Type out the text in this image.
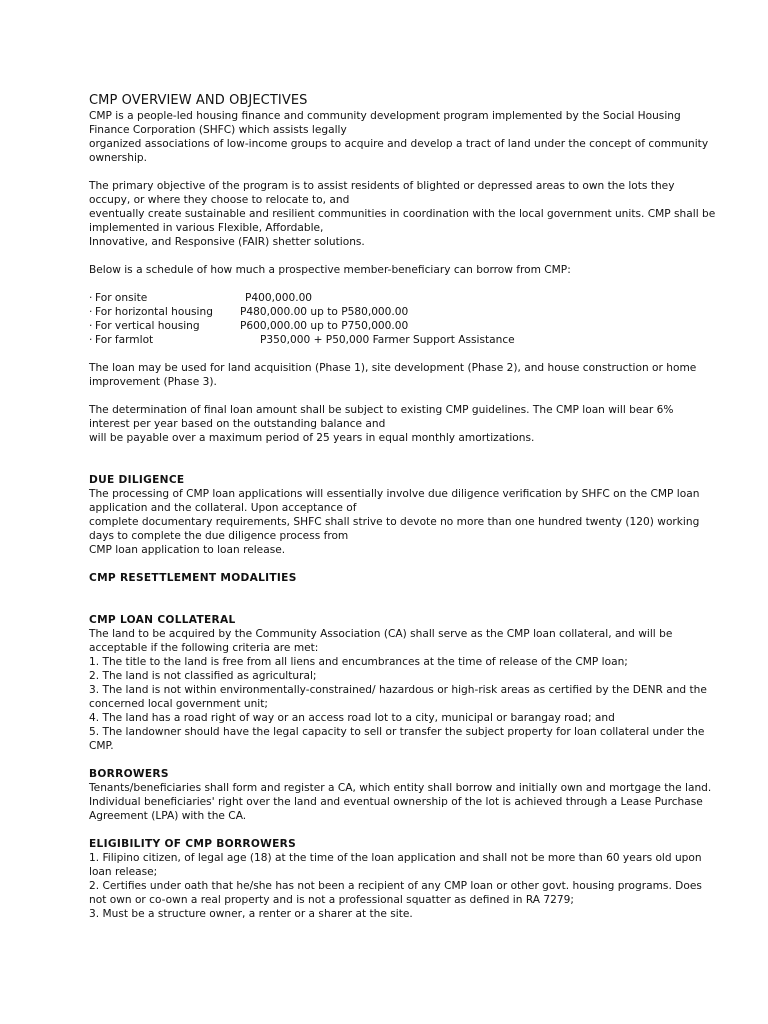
CMP OVERVIEW AND OBJECTIVES
CMP is a people-led housing finance and community development program implemented by the Social Housing
Finance Corporation (SHFC) which assists legally
organized associations of low-income groups to acquire and develop a tract of land under the concept of community
ownership.
The primary objective of the program is to assist residents of blighted or depressed areas to own the lots they
occupy, or where they choose to relocate to, and
eventually create sustainable and resilient communities in coordination with the local government units. CMP shall be
implemented in various Flexible, Affordable,
Innovative, and Responsive (FAIR) shetter solutions.
Below is a schedule of how much a prospective member-beneficiary can borrow from CMP:
· For onsite	P400,000.00
· For horizontal housing	P480,000.00 up to P580,000.00
· For vertical housing	P600,000.00 up to P750,000.00
· For farmlot	P350,000 + P50,000 Farmer Support Assistance
The loan may be used for land acquisition (Phase 1), site development (Phase 2), and house construction or home
improvement (Phase 3).
The determination of final loan amount shall be subject to existing CMP guidelines. The CMP loan will bear 6%
interest per year based on the outstanding balance and
will be payable over a maximum period of 25 years in equal monthly amortizations.
DUE DILIGENCE
The processing of CMP loan applications will essentially involve due diligence verification by SHFC on the CMP loan
application and the collateral. Upon acceptance of
complete documentary requirements, SHFC shall strive to devote no more than one hundred twenty (120) working
days to complete the due diligence process from
CMP loan application to loan release.
CMP RESETTLEMENT MODALITIES
CMP LOAN COLLATERAL
The land to be acquired by the Community Association (CA) shall serve as the CMP loan collateral, and will be
acceptable if the following criteria are met:
1. The title to the land is free from all liens and encumbrances at the time of release of the CMP loan;
2. The land is not classified as agricultural;
3. The land is not within environmentally-constrained/ hazardous or high-risk areas as certified by the DENR and the
concerned local government unit;
4. The land has a road right of way or an access road lot to a city, municipal or barangay road; and
5. The landowner should have the legal capacity to sell or transfer the subject property for loan collateral under the
CMP.
BORROWERS
Tenants/beneficiaries shall form and register a CA, which entity shall borrow and initially own and mortgage the land.
Individual beneficiaries' right over the land and eventual ownership of the lot is achieved through a Lease Purchase
Agreement (LPA) with the CA.
ELIGIBILITY OF CMP BORROWERS
1. Filipino citizen, of legal age (18) at the time of the loan application and shall not be more than 60 years old upon
loan release;
2. Certifies under oath that he/she has not been a recipient of any CMP loan or other govt. housing programs. Does
not own or co-own a real property and is not a professional squatter as defined in RA 7279;
3. Must be a structure owner, a renter or a sharer at the site.
